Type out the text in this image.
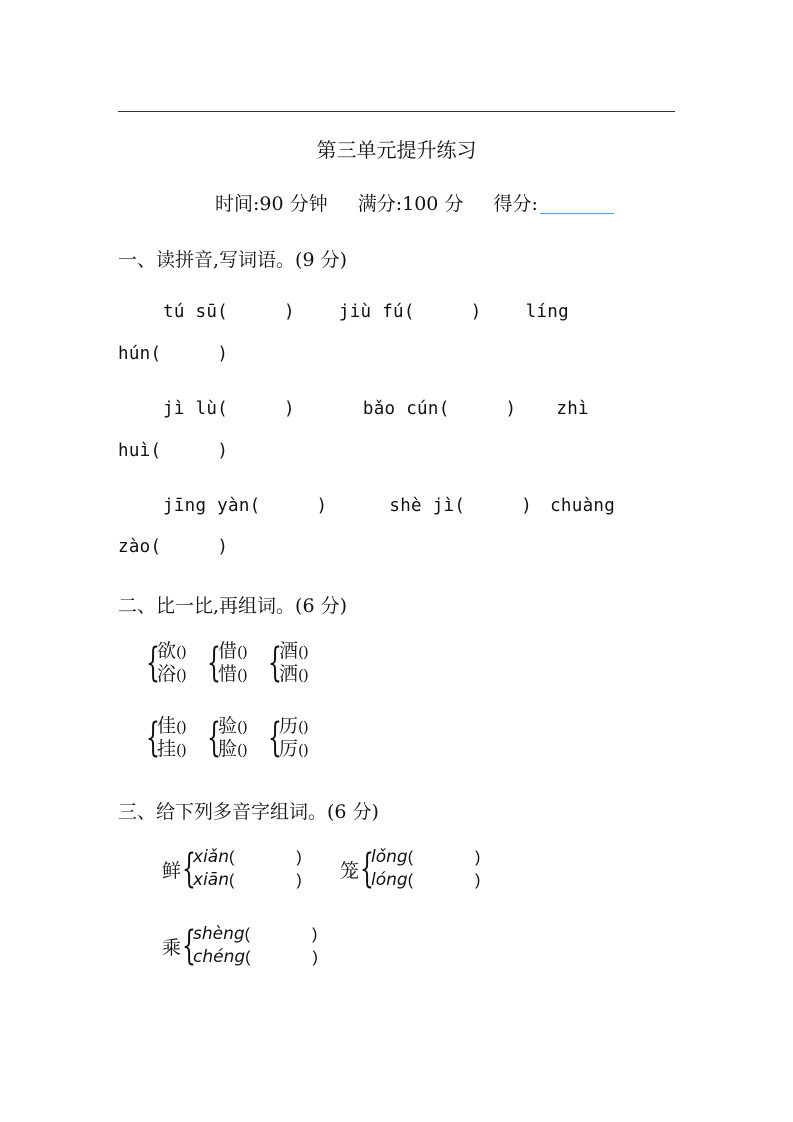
第三单元提升练习
时间:90 分钟 满分:100 分 得分:
一、读拼音,写词语。(9 分)
tú sū(	)	jiù fú(	)	líng
hún(	)
jì lù(	)	bǎo cún(	) zhì
huì(	)
jīng yàn(	)	shè jì(	) chuàng
zào(	)
二、比一比,再组词。(6 分)
{
欲()
浴() {
借()
惜() {
酒()
洒()
{
佳()
挂() {
验()
脸() {
历()
厉()
三、给下列多音字组词。(6 分)
鲜 {
xiǎn(	)
xiān(	) 笼 {
lǒng(	)
lóng(	)
乘 {
shèng(	)
chéng(	)
